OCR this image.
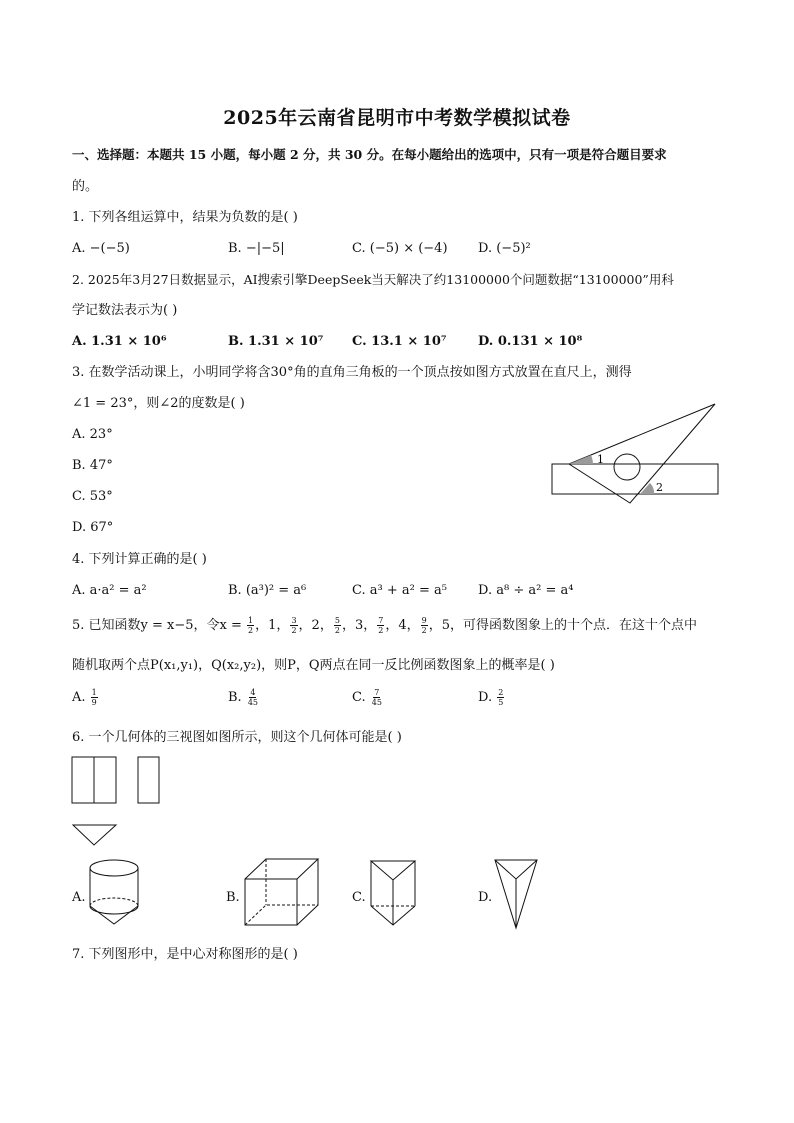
2025年云南省昆明市中考数学模拟试卷
一、选择题：本题共 15 小题，每小题 2 分，共 30 分。在每小题给出的选项中，只有一项是符合题目要求
的。
1. 下列各组运算中，结果为负数的是( )
A. −(−5)	B. −|−5|	C. (−5) × (−4) D. (−5)²
2. 2025年3月27日数据显示，AI搜索引擎DeepSeek当天解决了约13100000个问题数据“13100000”用科
学记数法表示为( )
A. 1.31 × 10⁶	B. 1.31 × 10⁷ C. 13.1 × 10⁷ D. 0.131 × 10⁸
3. 在数学活动课上，小明同学将含30°角的直角三角板的一个顶点按如图方式放置在直尺上，测得
∠1 = 23°，则∠2的度数是( )
A. 23°
B. 47°
C. 53°
D. 67°
1
2
4. 下列计算正确的是( )
A. a·a² = a²	B. (a³)² = a⁶	C. a³ + a² = a⁵ D. a⁸ ÷ a² = a⁴
5. 已知函数y = x−5，令$x = \frac{1}{2}$ ，1， $\frac{3}{2}$ ，2， $\frac{5}{2}$ ，3， $\frac{7}{2}$ ，4， $\frac{9}{2}$ ，5，可得函数图象上的十个点．在这十个点中
随机取两个点P(x₁,y₁)，Q(x₂,y₂)，则P，Q两点在同一反比例函数图象上的概率是( )
A. $\frac{1}{9}$	B. $\frac{4}{45}$	C. $\frac{7}{45}$	D. $\frac{2}{5}$
6. 一个几何体的三视图如图所示，则这个几何体可能是( )
A.	B.	C.	D.
7. 下列图形中，是中心对称图形的是( )
